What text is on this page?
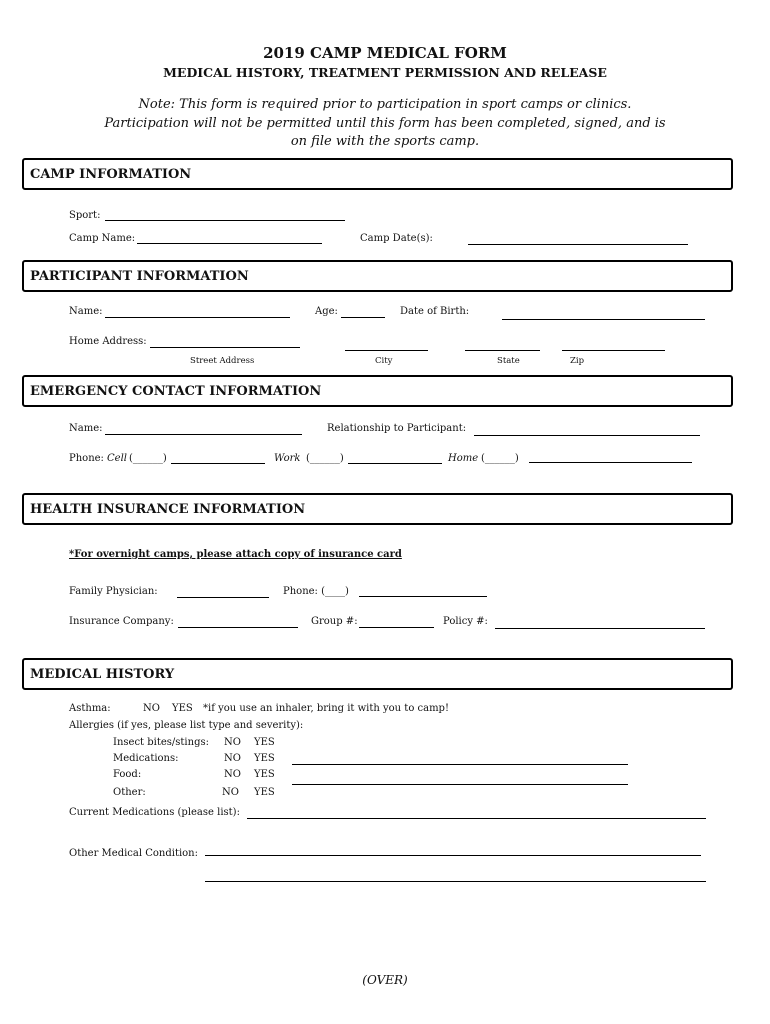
2019 CAMP MEDICAL FORM
MEDICAL HISTORY, TREATMENT PERMISSION AND RELEASE
Note: This form is required prior to participation in sport camps or clinics.
Participation will not be permitted until this form has been completed, signed, and is
on file with the sports camp.
CAMP INFORMATION
Sport:
Camp Name:	Camp Date(s):
PARTICIPANT INFORMATION
Name:	Age:	Date of Birth:
Home Address:
Street Address	City	State	Zip
EMERGENCY CONTACT INFORMATION
Name:	Relationship to Participant:
Phone: Cell (______)	Work (______)	Home (______)
HEALTH INSURANCE INFORMATION
*For overnight camps, please attach copy of insurance card
Family Physician:	Phone: (____)
Insurance Company:	Group #:	Policy #:
MEDICAL HISTORY
Asthma:	NO YES *if you use an inhaler, bring it with you to camp!
Allergies (if yes, please list type and severity):
Insect bites/stings: NO YES
Medications:	NO YES
Food:	NO YES
Other:	NO YES
Current Medications (please list):
Other Medical Condition:
(OVER)
